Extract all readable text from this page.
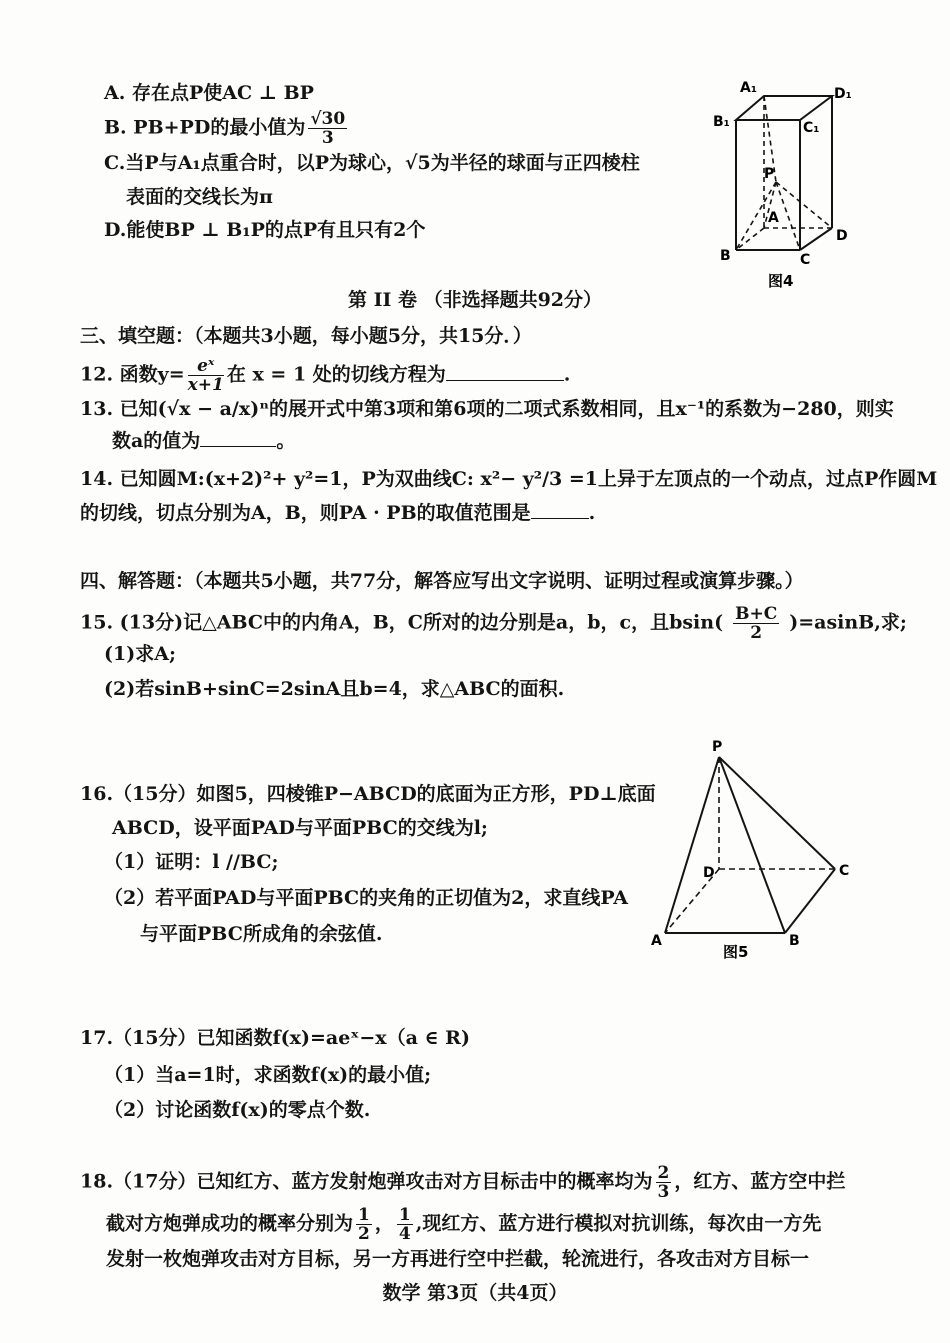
A. 存在点P使AC ⊥ BP
B. PB+PD的最小值为 $\frac{√30}{3}$
C.当P与A₁点重合时，以P为球心，√5为半径的球面与正四棱柱
表面的交线长为π
D.能使BP ⊥ B₁P的点P有且只有2个
A₁	D₁
B₁	C₁
P
A
B	C
D
图4
第 II 卷 （非选择题共92分）
三、填空题：（本题共3小题，每小题5分，共15分．）
12. 函数$y= \frac{\text{eˣ}}{x+1}$ 在 x = 1 处的切线方程为	.
13. 已知(√x − a/x)ⁿ的展开式中第3项和第6项的二项式系数相同，且x⁻¹的系数为−280，则实
数a的值为	。
14. 已知圆M:(x+2)²+ y²=1，P为双曲线C: x²− y²/3 =1上异于左顶点的一个动点，过点P作圆M
的切线，切点分别为A，B，则PA · PB的取值范围是	.
四、解答题：（本题共5小题，共77分，解答应写出文字说明、证明过程或演算步骤。）
15. (13分)记△ABC中的内角A，B，C所对的边分别是a，b，c，且$bsin( \frac{B+C}{2} )=asinB$,求;
(1)求A;
(2)若sinB+sinC=2sinA且b=4，求△ABC的面积.
16.（15分）如图5，四棱锥P−ABCD的底面为正方形，PD⊥底面
ABCD，设平面PAD与平面PBC的交线为l;
（1）证明：l //BC;
（2）若平面PAD与平面PBC的夹角的正切值为2，求直线PA
与平面PBC所成角的余弦值.
P
D	C
A	B
图5
17.（15分）已知函数f(x)=aeˣ−x（a ∈ R)
（1）当a=1时，求函数f(x)的最小值;
（2）讨论函数f(x)的零点个数.
18.（17分）已知红方、蓝方发射炮弹攻击对方目标击中的概率均为 $\frac{2}{3}$ ，红方、蓝方空中拦
截对方炮弹成功的概率分别为 $\frac{1}{2}$ ， $\frac{1}{4}$ ,现红方、蓝方进行模拟对抗训练，每次由一方先
发射一枚炮弹攻击对方目标，另一方再进行空中拦截，轮流进行，各攻击对方目标一
数学 第3页（共4页）
